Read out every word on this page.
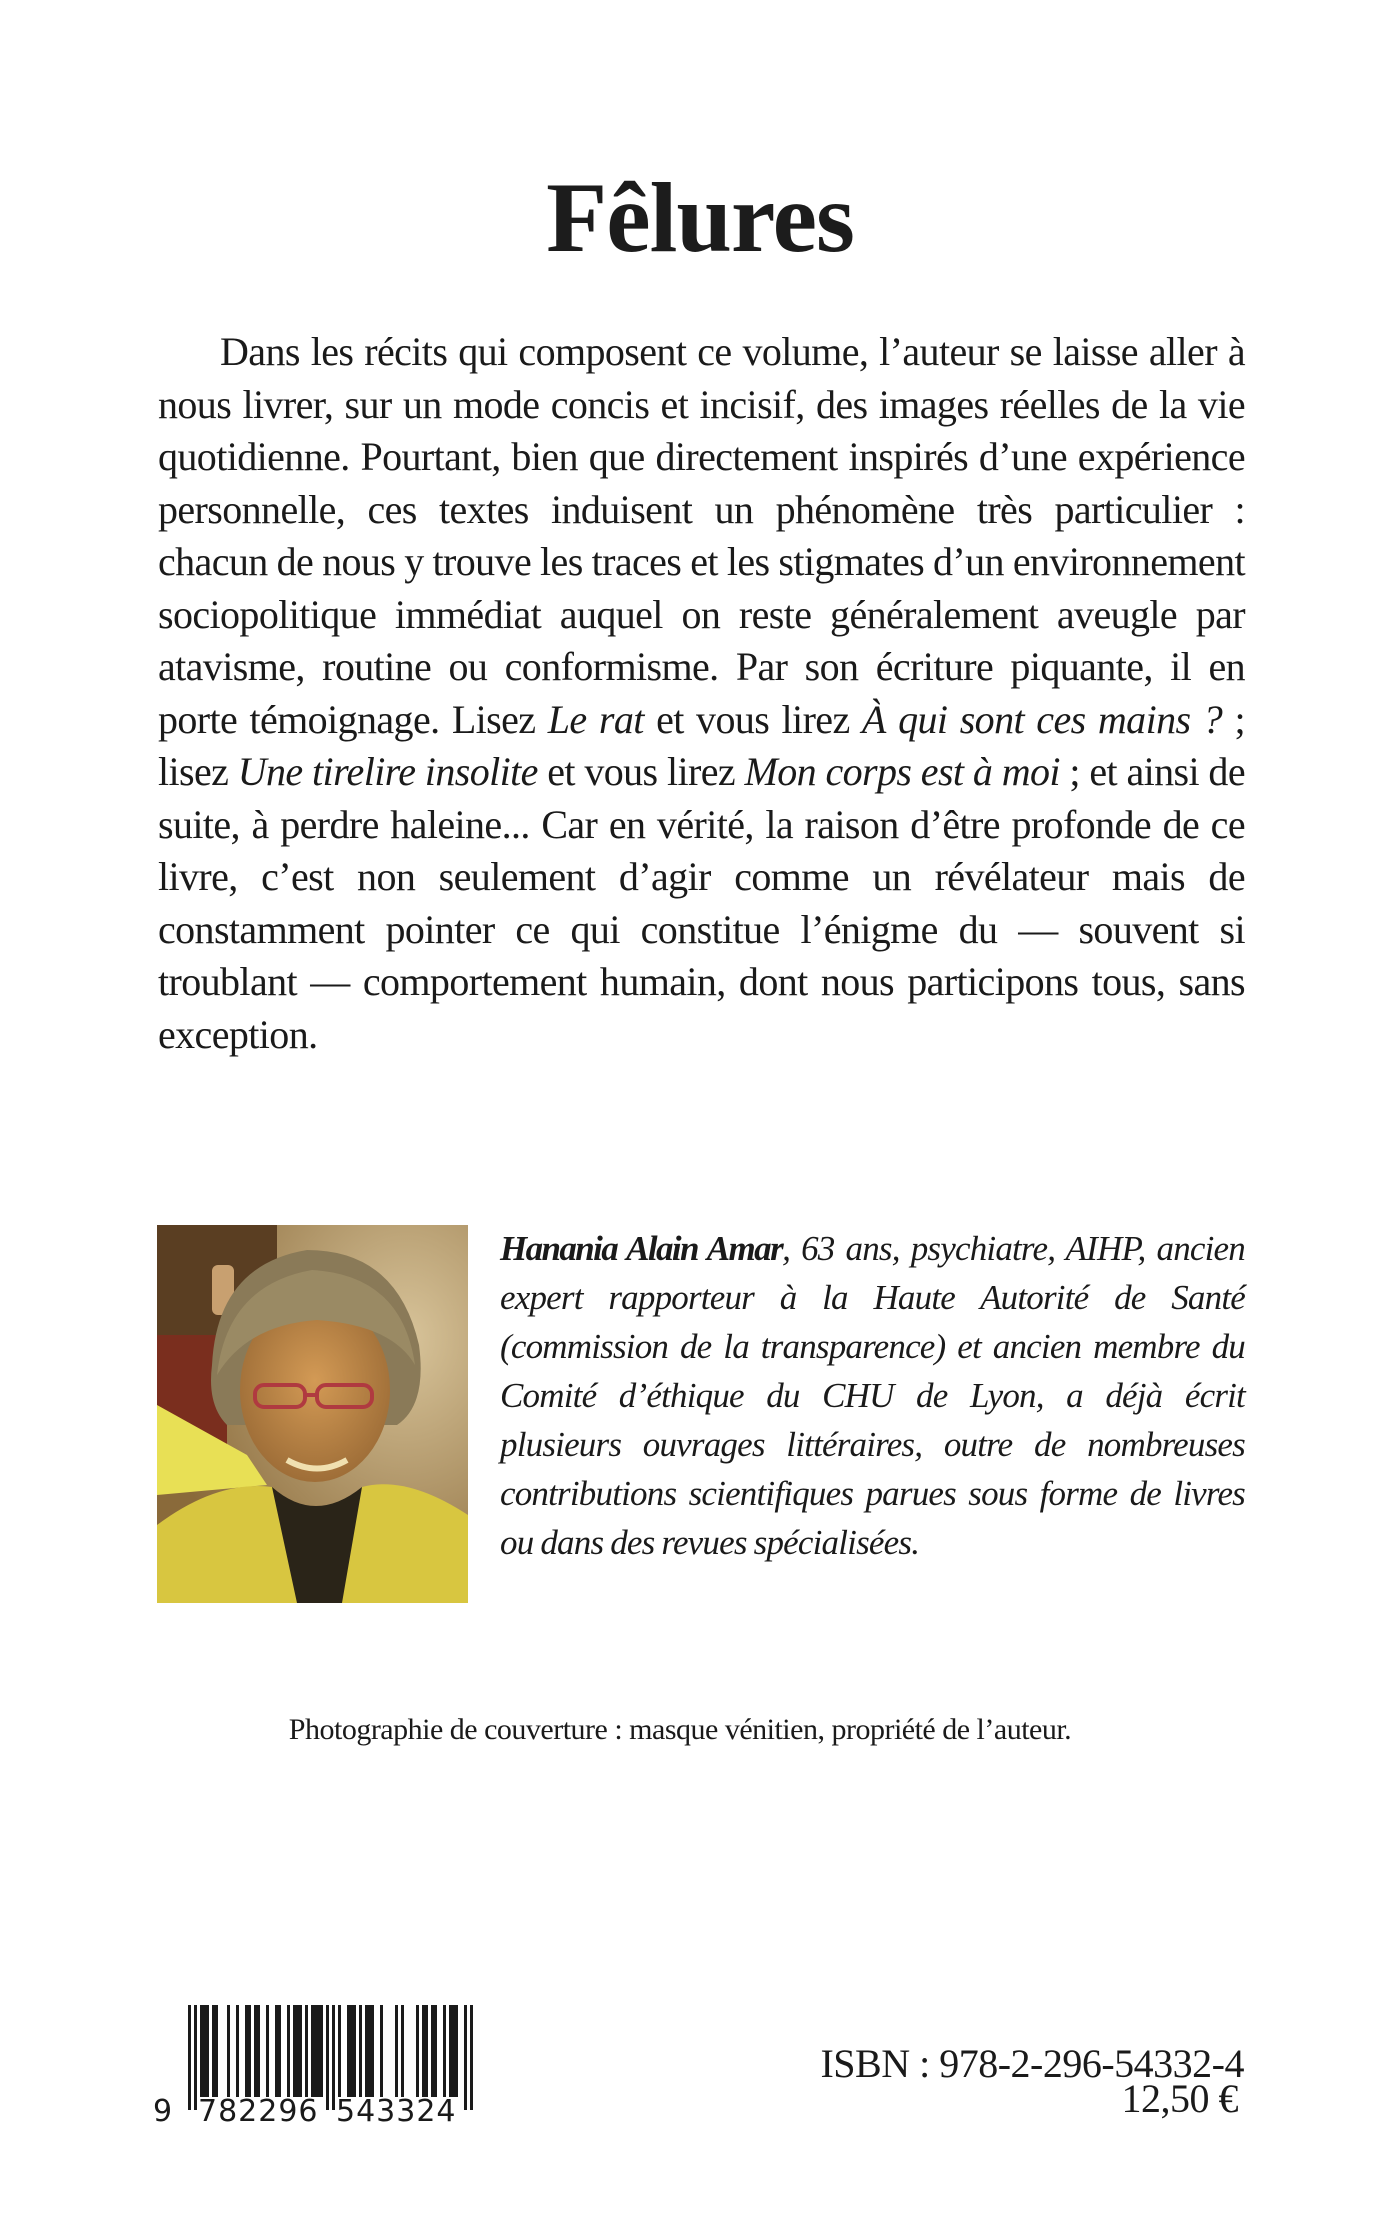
Fêlures

Dans les récits qui composent ce volume, l’auteur se laisse aller à nous livrer, sur un mode concis et incisif, des images réelles de la vie quotidienne. Pourtant, bien que directement inspirés d’une expérience personnelle, ces textes induisent un phénomène très particulier : chacun de nous y trouve les traces et les stigmates d’un environnement sociopolitique immédiat auquel on reste généralement aveugle par atavisme, routine ou conformisme. Par son écriture piquante, il en porte témoignage. Lisez Le rat et vous lirez À qui sont ces mains ? ; lisez Une tirelire insolite et vous lirez Mon corps est à moi ; et ainsi de suite, à perdre haleine... Car en vérité, la raison d’être profonde de ce livre, c’est non seulement d’agir comme un révélateur mais de constamment pointer ce qui constitue l’énigme du — souvent si troublant — comportement humain, dont nous participons tous, sans exception.

Hanania Alain Amar, 63 ans, psychiatre, AIHP, ancien expert rapporteur à la Haute Autorité de Santé (commission de la transparence) et ancien membre du Comité d’éthique du CHU de Lyon, a déjà écrit plusieurs ouvrages littéraires, outre de nombreuses contributions scientifiques parues sous forme de livres ou dans des revues spécialisées.

Photographie de couverture : masque vénitien, propriété de l’auteur.
9 782296 543324
ISBN : 978-2-296-54332-4
12,50 €
